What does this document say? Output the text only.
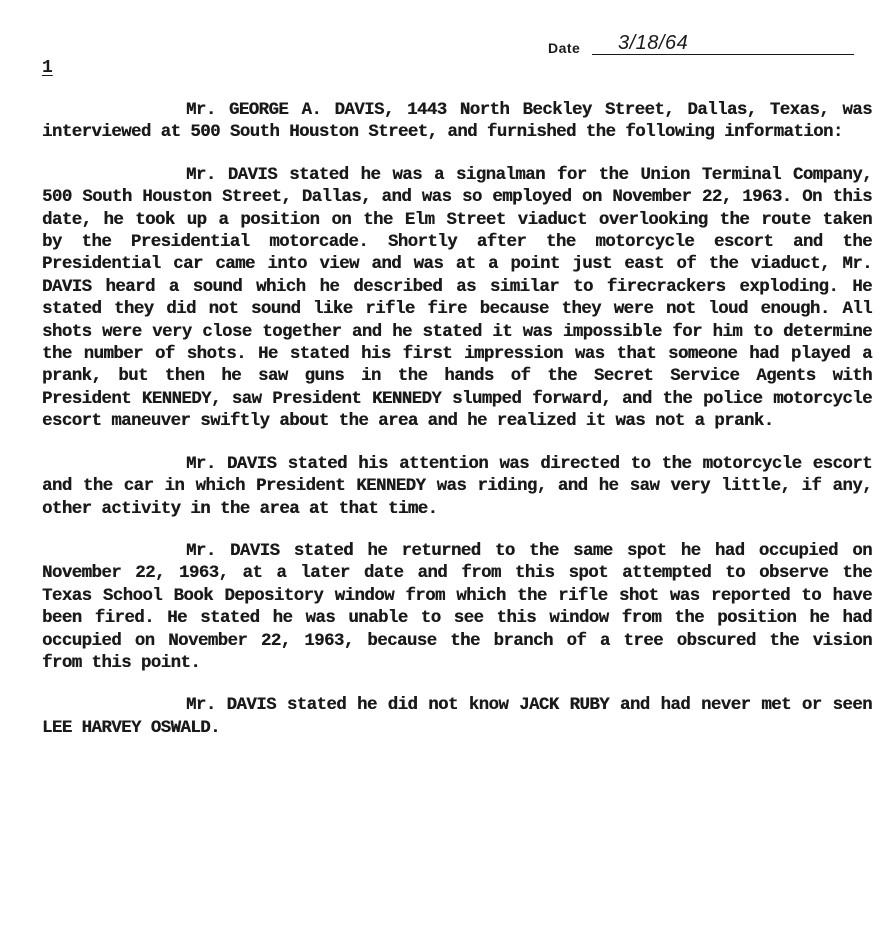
Date 3/18/64
1

Mr. GEORGE A. DAVIS, 1443 North Beckley Street, Dallas, Texas, was interviewed at 500 South Houston Street, and furnished the following information:

Mr. DAVIS stated he was a signalman for the Union Terminal Company, 500 South Houston Street, Dallas, and was so employed on November 22, 1963. On this date, he took up a position on the Elm Street viaduct overlooking the route taken by the Presidential motorcade. Shortly after the motorcycle escort and the Presidential car came into view and was at a point just east of the viaduct, Mr. DAVIS heard a sound which he described as similar to firecrackers exploding. He stated they did not sound like rifle fire because they were not loud enough. All shots were very close together and he stated it was impossible for him to determine the number of shots. He stated his first impression was that someone had played a prank, but then he saw guns in the hands of the Secret Service Agents with President KENNEDY, saw President KENNEDY slumped forward, and the police motorcycle escort maneuver swiftly about the area and he realized it was not a prank.

Mr. DAVIS stated his attention was directed to the motorcycle escort and the car in which President KENNEDY was riding, and he saw very little, if any, other activity in the area at that time.

Mr. DAVIS stated he returned to the same spot he had occupied on November 22, 1963, at a later date and from this spot attempted to observe the Texas School Book Depository window from which the rifle shot was reported to have been fired. He stated he was unable to see this window from the position he had occupied on November 22, 1963, because the branch of a tree obscured the vision from this point.

Mr. DAVIS stated he did not know JACK RUBY and had never met or seen LEE HARVEY OSWALD.
